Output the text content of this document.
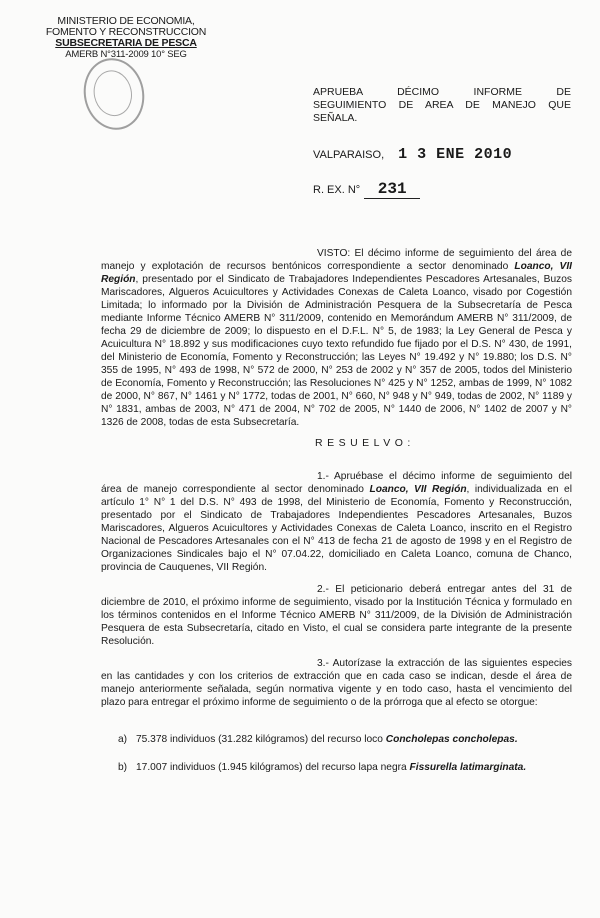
MINISTERIO DE ECONOMIA,
FOMENTO Y RECONSTRUCCION
SUBSECRETARIA DE PESCA
AMERB N°311-2009 10° SEG
APRUEBA DÉCIMO INFORME DE
SEGUIMIENTO DE AREA DE MANEJO QUE
SEÑALA.
VALPARAISO, 1 3 ENE 2010
R. EX. N° 231
VISTO: El décimo informe de seguimiento del área de manejo y explotación de recursos bentónicos correspondiente a sector denominado Loanco, VII Región, presentado por el Sindicato de Trabajadores Independientes Pescadores Artesanales, Buzos Mariscadores, Algueros Acuicultores y Actividades Conexas de Caleta Loanco, visado por Cogestión Limitada; lo informado por la División de Administración Pesquera de la Subsecretaría de Pesca mediante Informe Técnico AMERB N° 311/2009, contenido en Memorándum AMERB N° 311/2009, de fecha 29 de diciembre de 2009; lo dispuesto en el D.F.L. N° 5, de 1983; la Ley General de Pesca y Acuicultura N° 18.892 y sus modificaciones cuyo texto refundido fue fijado por el D.S. N° 430, de 1991, del Ministerio de Economía, Fomento y Reconstrucción; las Leyes N° 19.492 y N° 19.880; los D.S. N° 355 de 1995, N° 493 de 1998, N° 572 de 2000, N° 253 de 2002 y N° 357 de 2005, todos del Ministerio de Economía, Fomento y Reconstrucción; las Resoluciones N° 425 y N° 1252, ambas de 1999, N° 1082 de 2000, N° 867, N° 1461 y N° 1772, todas de 2001, N° 660, N° 948 y N° 949, todas de 2002, N° 1189 y N° 1831, ambas de 2003, N° 471 de 2004, N° 702 de 2005, N° 1440 de 2006, N° 1402 de 2007 y N° 1326 de 2008, todas de esta Subsecretaría.
RESUELVO:
1.- Apruébase el décimo informe de seguimiento del área de manejo correspondiente al sector denominado Loanco, VII Región, individualizada en el artículo 1° N° 1 del D.S. N° 493 de 1998, del Ministerio de Economía, Fomento y Reconstrucción, presentado por el Sindicato de Trabajadores Independientes Pescadores Artesanales, Buzos Mariscadores, Algueros Acuicultores y Actividades Conexas de Caleta Loanco, inscrito en el Registro Nacional de Pescadores Artesanales con el N° 413 de fecha 21 de agosto de 1998 y en el Registro de Organizaciones Sindicales bajo el N° 07.04.22, domiciliado en Caleta Loanco, comuna de Chanco, provincia de Cauquenes, VII Región.
2.- El peticionario deberá entregar antes del 31 de diciembre de 2010, el próximo informe de seguimiento, visado por la Institución Técnica y formulado en los términos contenidos en el Informe Técnico AMERB N° 311/2009, de la División de Administración Pesquera de esta Subsecretaría, citado en Visto, el cual se considera parte integrante de la presente Resolución.
3.- Autorízase la extracción de las siguientes especies en las cantidades y con los criterios de extracción que en cada caso se indican, desde el área de manejo anteriormente señalada, según normativa vigente y en todo caso, hasta el vencimiento del plazo para entregar el próximo informe de seguimiento o de la prórroga que al efecto se otorgue:
a) 75.378 individuos (31.282 kilógramos) del recurso loco Concholepas concholepas.
b) 17.007 individuos (1.945 kilógramos) del recurso lapa negra Fissurella latimarginata.
